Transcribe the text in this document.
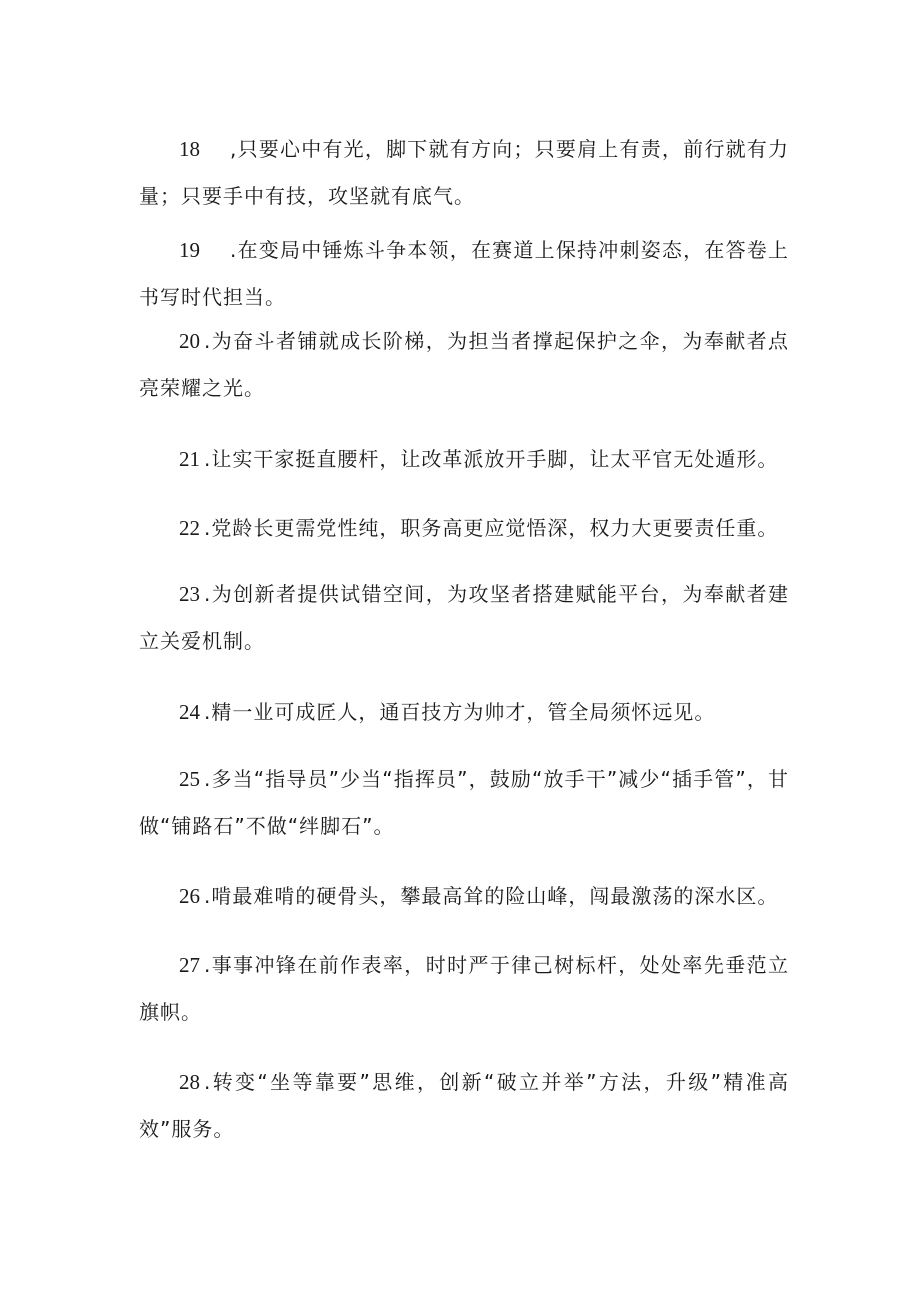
18 ,只要心中有光，脚下就有方向；只要肩上有责，前行就有力量；只要手中有技，攻坚就有底气。

19 .在变局中锤炼斗争本领，在赛道上保持冲刺姿态，在答卷上书写时代担当。

20 .为奋斗者铺就成长阶梯，为担当者撑起保护之伞，为奉献者点亮荣耀之光。

21 .让实干家挺直腰杆，让改革派放开手脚，让太平官无处遁形。

22 .党龄长更需党性纯，职务高更应觉悟深，权力大更要责任重。

23 .为创新者提供试错空间，为攻坚者搭建赋能平台，为奉献者建立关爱机制。

24 .精一业可成匠人，通百技方为帅才，管全局须怀远见。

25 .多当“指导员”少当“指挥员”，鼓励“放手干”减少“插手管”，甘做“铺路石”不做“绊脚石”。

26 .啃最难啃的硬骨头，攀最高耸的险山峰，闯最激荡的深水区。

27 .事事冲锋在前作表率，时时严于律己树标杆，处处率先垂范立旗帜。

28 .转变“坐等靠要”思维，创新“破立并举”方法，升级”精准高效”服务。
